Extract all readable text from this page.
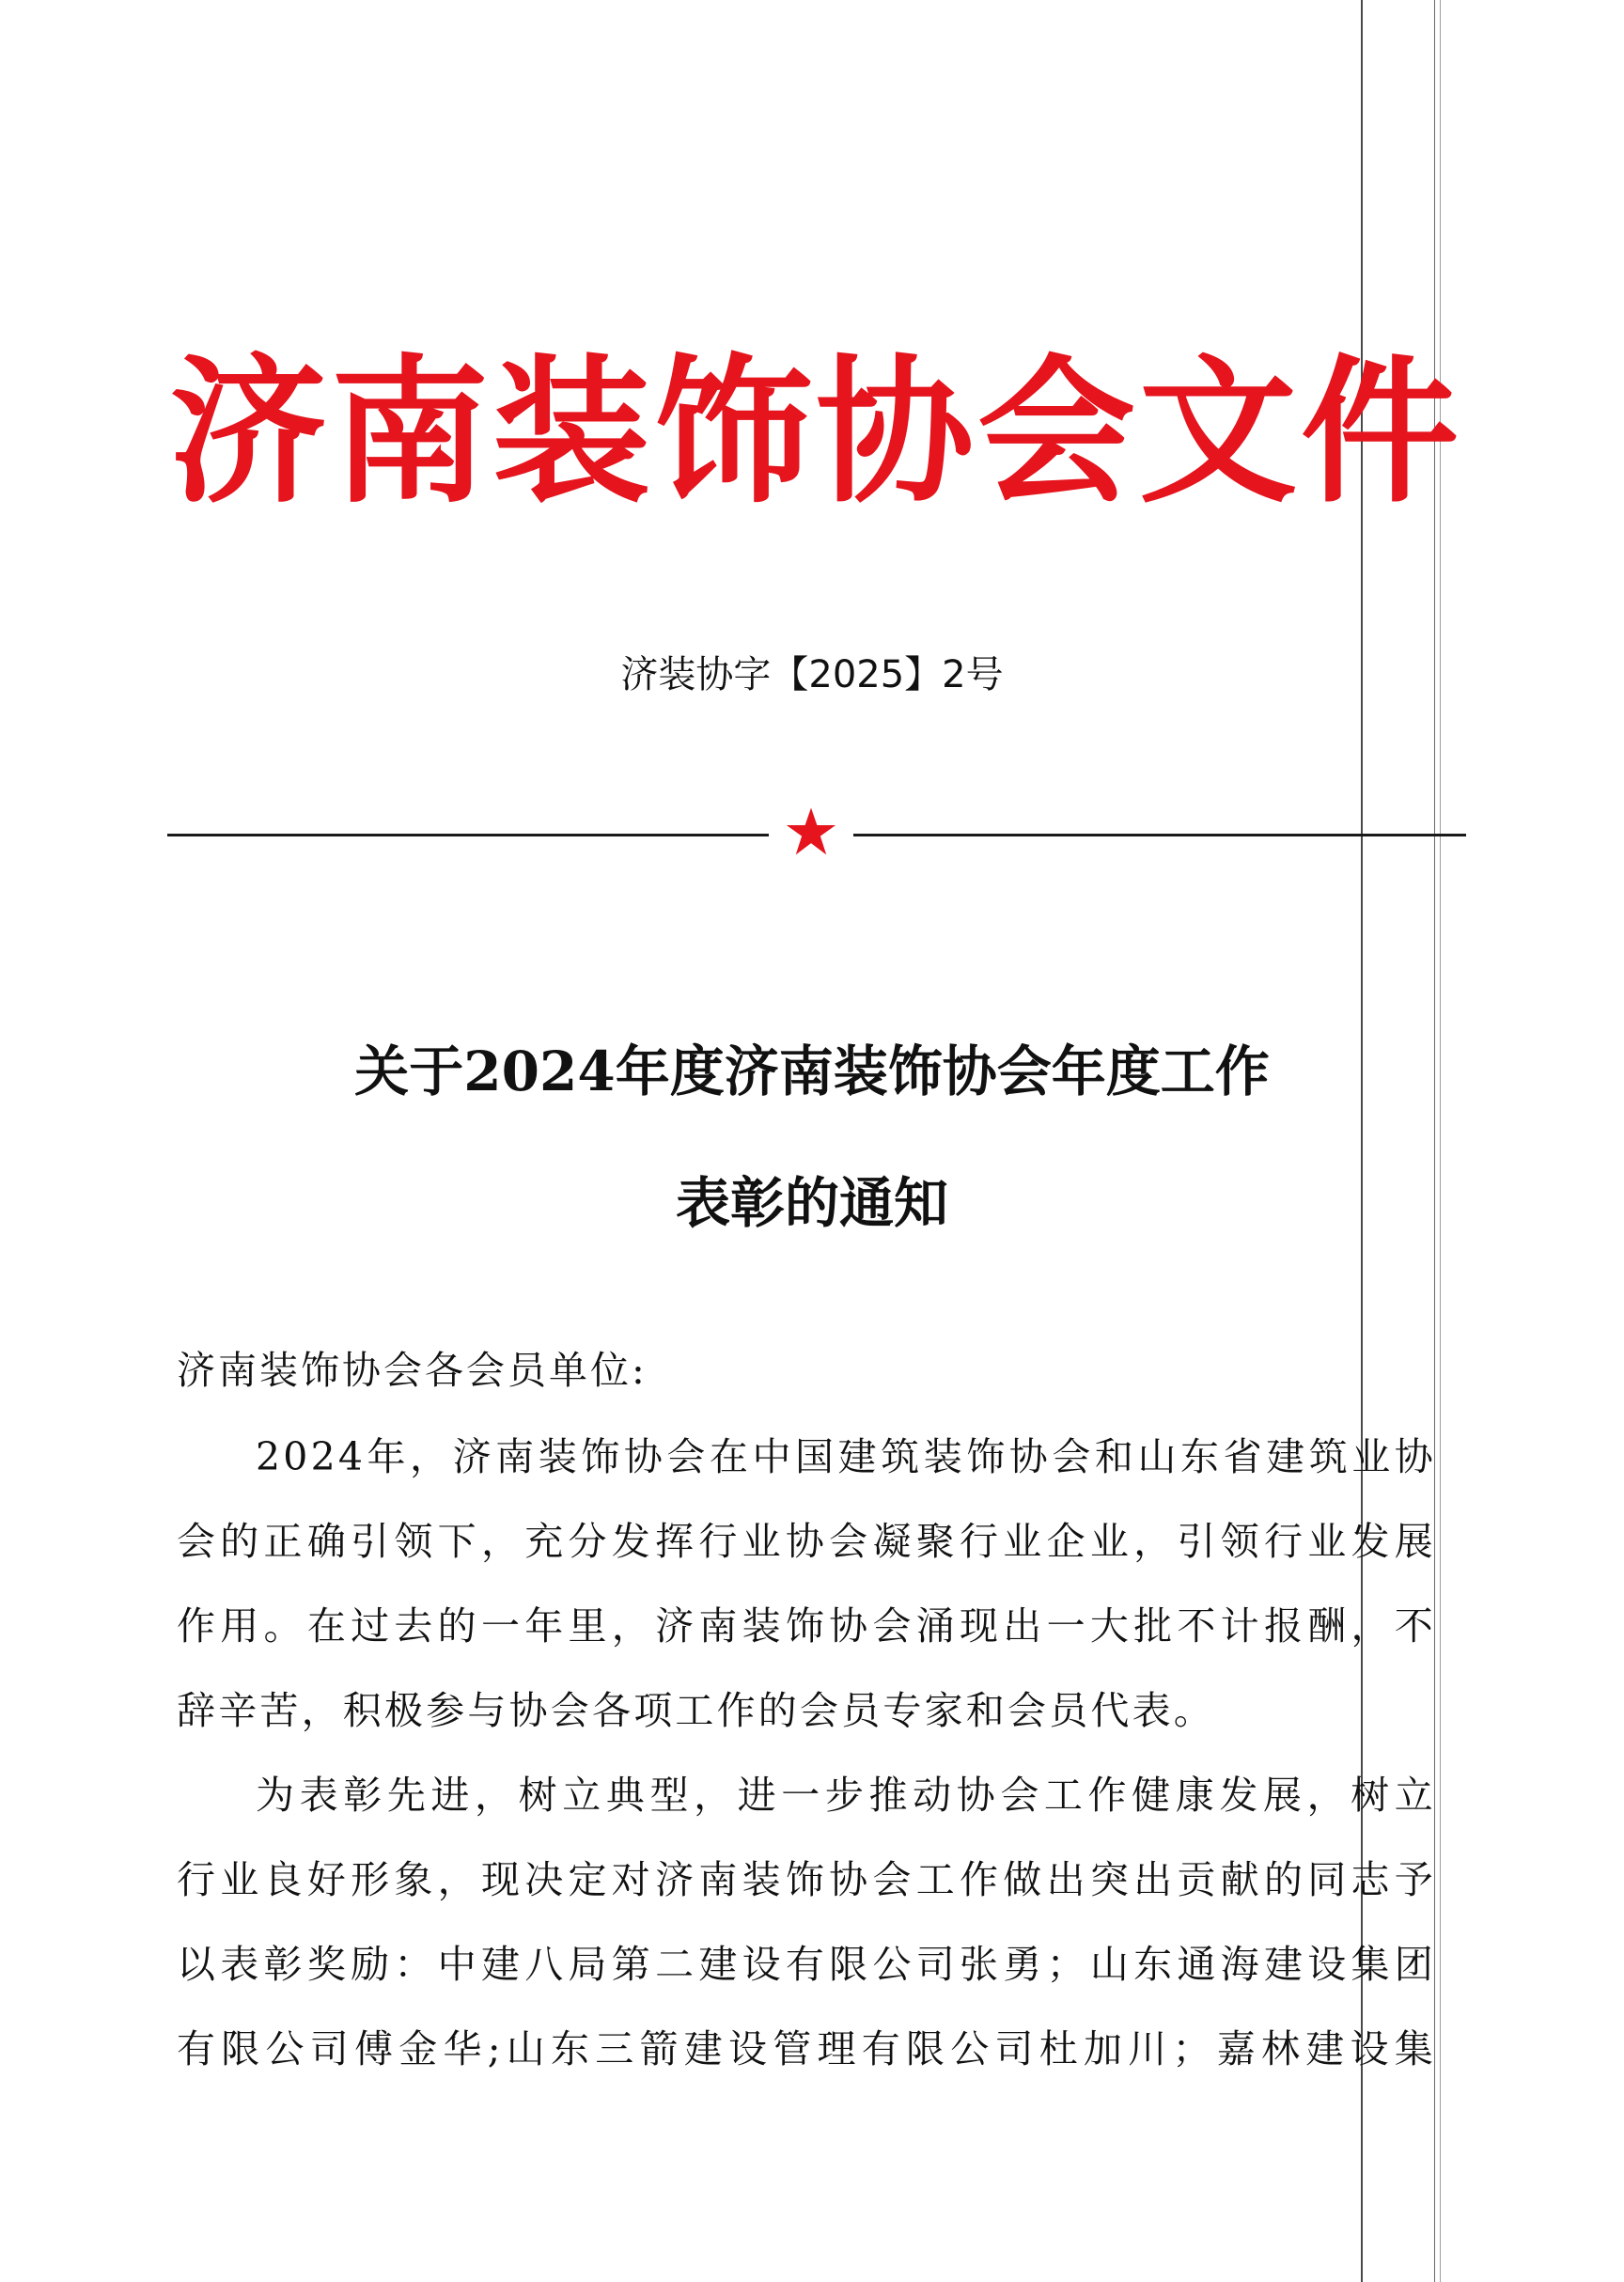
济南装饰协会文件
济装协字【2025】2号
关于2024年度济南装饰协会年度工作
表彰的通知
济南装饰协会各会员单位:
2024年，济南装饰协会在中国建筑装饰协会和山东省建筑业协
会的正确引领下，充分发挥行业协会凝聚行业企业，引领行业发展
作用。在过去的一年里，济南装饰协会涌现出一大批不计报酬，不
辞辛苦，积极参与协会各项工作的会员专家和会员代表。
为表彰先进，树立典型，进一步推动协会工作健康发展，树立
行业良好形象，现决定对济南装饰协会工作做出突出贡献的同志予
以表彰奖励：中建八局第二建设有限公司张勇；山东通海建设集团
有限公司傅金华;山东三箭建设管理有限公司杜加川；嘉林建设集
